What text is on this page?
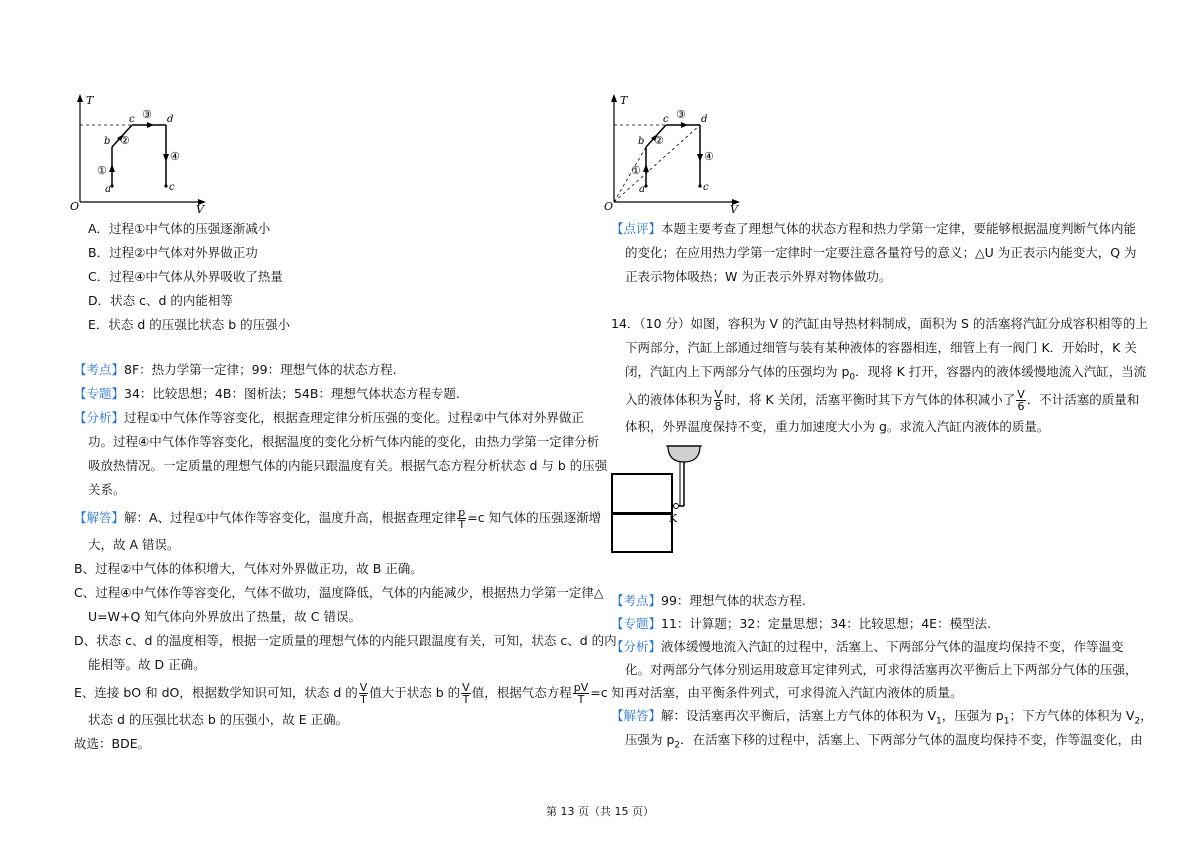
T
V
O
a
b
c	d
c
①
②
③
④
A．过程①中气体的压强逐渐减小
B．过程②中气体对外界做正功
C．过程④中气体从外界吸收了热量
D．状态 c、d 的内能相等
E．状态 d 的压强比状态 b 的压强小
【考点】8F：热力学第一定律；99：理想气体的状态方程.
【专题】34：比较思想；4B：图析法；54B：理想气体状态方程专题.
【分析】过程①中气体作等容变化，根据查理定律分析压强的变化。过程②中气体对外界做正
功。过程④中气体作等容变化，根据温度的变化分析气体内能的变化，由热力学第一定律分析
吸放热情况。一定质量的理想气体的内能只跟温度有关。根据气态方程分析状态 d 与 b 的压强
关系。
【解答】解：A、过程①中气体作等容变化，温度升高，根据查理定律 $\frac{p}{T} =c$ 知气体的压强逐渐增
大，故 A 错误。
B、过程②中气体的体积增大，气体对外界做正功，故 B 正确。
C、过程④中气体作等容变化，气体不做功，温度降低，气体的内能减少，根据热力学第一定律△
U=W+Q 知气体向外界放出了热量，故 C 错误。
D、状态 c、d 的温度相等，根据一定质量的理想气体的内能只跟温度有关，可知，状态 c、d 的内
能相等。故 D 正确。
E、连接 bO 和 dO，根据数学知识可知，状态 d 的 $\frac{V}{T}$ 值大于状态 b 的 $\frac{V}{T}$ 值，根据气态方程 $\frac{pV}{T} =c$ 知
状态 d 的压强比状态 b 的压强小，故 E 正确。
故选：BDE。
T
V
O
a
b
c	d
c
①
②
③
④
【点评】本题主要考查了理想气体的状态方程和热力学第一定律，要能够根据温度判断气体内能
的变化；在应用热力学第一定律时一定要注意各量符号的意义；△U 为正表示内能变大，Q 为
正表示物体吸热；W 为正表示外界对物体做功。
14．（10 分）如图，容积为 V 的汽缸由导热材料制成，面积为 S 的活塞将汽缸分成容积相等的上
下两部分，汽缸上部通过细管与装有某种液体的容器相连，细管上有一阀门 K．开始时，K 关
闭，汽缸内上下两部分气体的压强均为 $p_0$．现将 K 打开，容器内的液体缓慢地流入汽缸，当流
入的液体体积为 $\frac{V}{8}$ 时，将 K 关闭，活塞平衡时其下方气体的体积减小了 $\frac{V}{6}$ ．不计活塞的质量和
体积，外界温度保持不变，重力加速度大小为 g。求流入汽缸内液体的质量。
K
【考点】99：理想气体的状态方程.
【专题】11：计算题；32：定量思想；34：比较思想；4E：模型法.
【分析】液体缓慢地流入汽缸的过程中，活塞上、下两部分气体的温度均保持不变，作等温变
化。对两部分气体分别运用玻意耳定律列式，可求得活塞再次平衡后上下两部分气体的压强，
再对活塞，由平衡条件列式，可求得流入汽缸内液体的质量。
【解答】解：设活塞再次平衡后，活塞上方气体的体积为 $V_1$，压强为 $p_1$；下方气体的体积为 $V_2$，
压强为 $p_2$．在活塞下移的过程中，活塞上、下两部分气体的温度均保持不变，作等温变化，由
第 13 页（共 15 页）
